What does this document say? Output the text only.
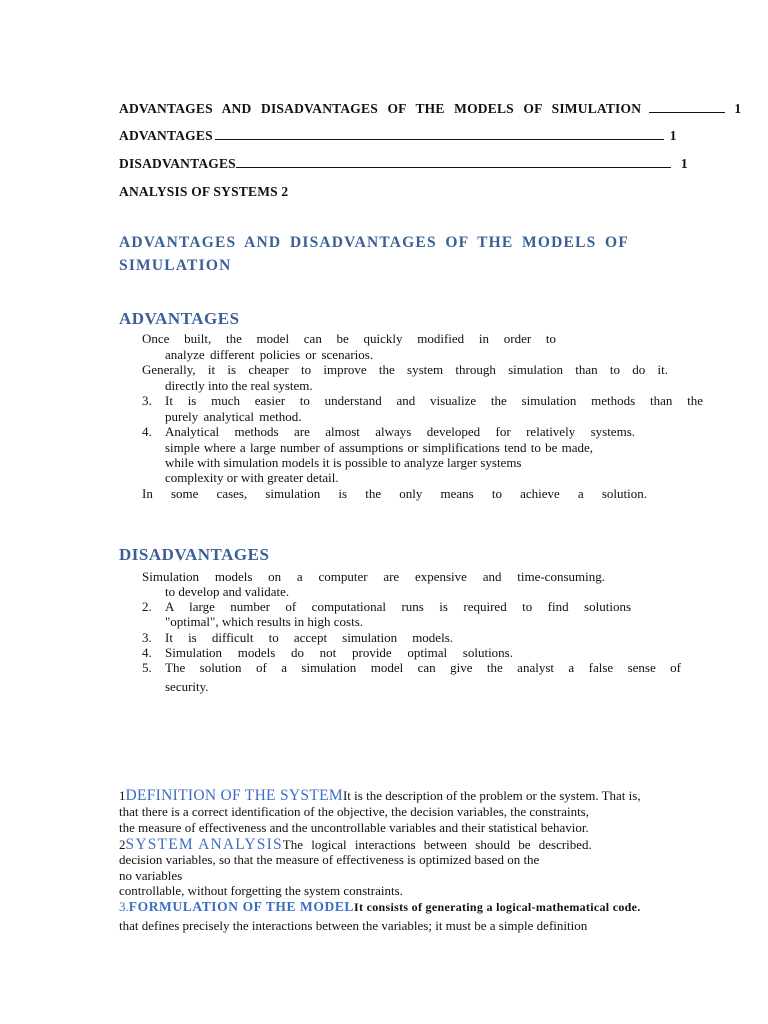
ADVANTAGES AND DISADVANTAGES OF THE MODELS OF SIMULATION	1
ADVANTAGES	1
DISADVANTAGES	1
ANALYSIS OF SYSTEMS 2
ADVANTAGES AND DISADVANTAGES OF THE MODELS OF
SIMULATION
ADVANTAGES
Once built, the model can be quickly modified in order to
analyze different policies or scenarios.
Generally, it is cheaper to improve the system through simulation than to do it.
directly into the real system.
3. It is much easier to understand and visualize the simulation methods than the
purely analytical method.
4. Analytical methods are almost always developed for relatively systems.
simple where a large number of assumptions or simplifications tend to be made,
while with simulation models it is possible to analyze larger systems
complexity or with greater detail.
In some cases, simulation is the only means to achieve a solution.
DISADVANTAGES
Simulation models on a computer are expensive and time-consuming.
to develop and validate.
2. A large number of computational runs is required to find solutions
"optimal", which results in high costs.
3. It is difficult to accept simulation models.
4. Simulation models do not provide optimal solutions.
5. The solution of a simulation model can give the analyst a false sense of
security.
1DEFINITION OF THE SYSTEMIt is the description of the problem or the system. That is,
that there is a correct identification of the objective, the decision variables, the constraints,
the measure of effectiveness and the uncontrollable variables and their statistical behavior.
2SYSTEM ANALYSISThe logical interactions between should be described.
decision variables, so that the measure of effectiveness is optimized based on the
no variables
controllable, without forgetting the system constraints.
3.FORMULATION OF THE MODELIt consists of generating a logical-mathematical code.
that defines precisely the interactions between the variables; it must be a simple definition
